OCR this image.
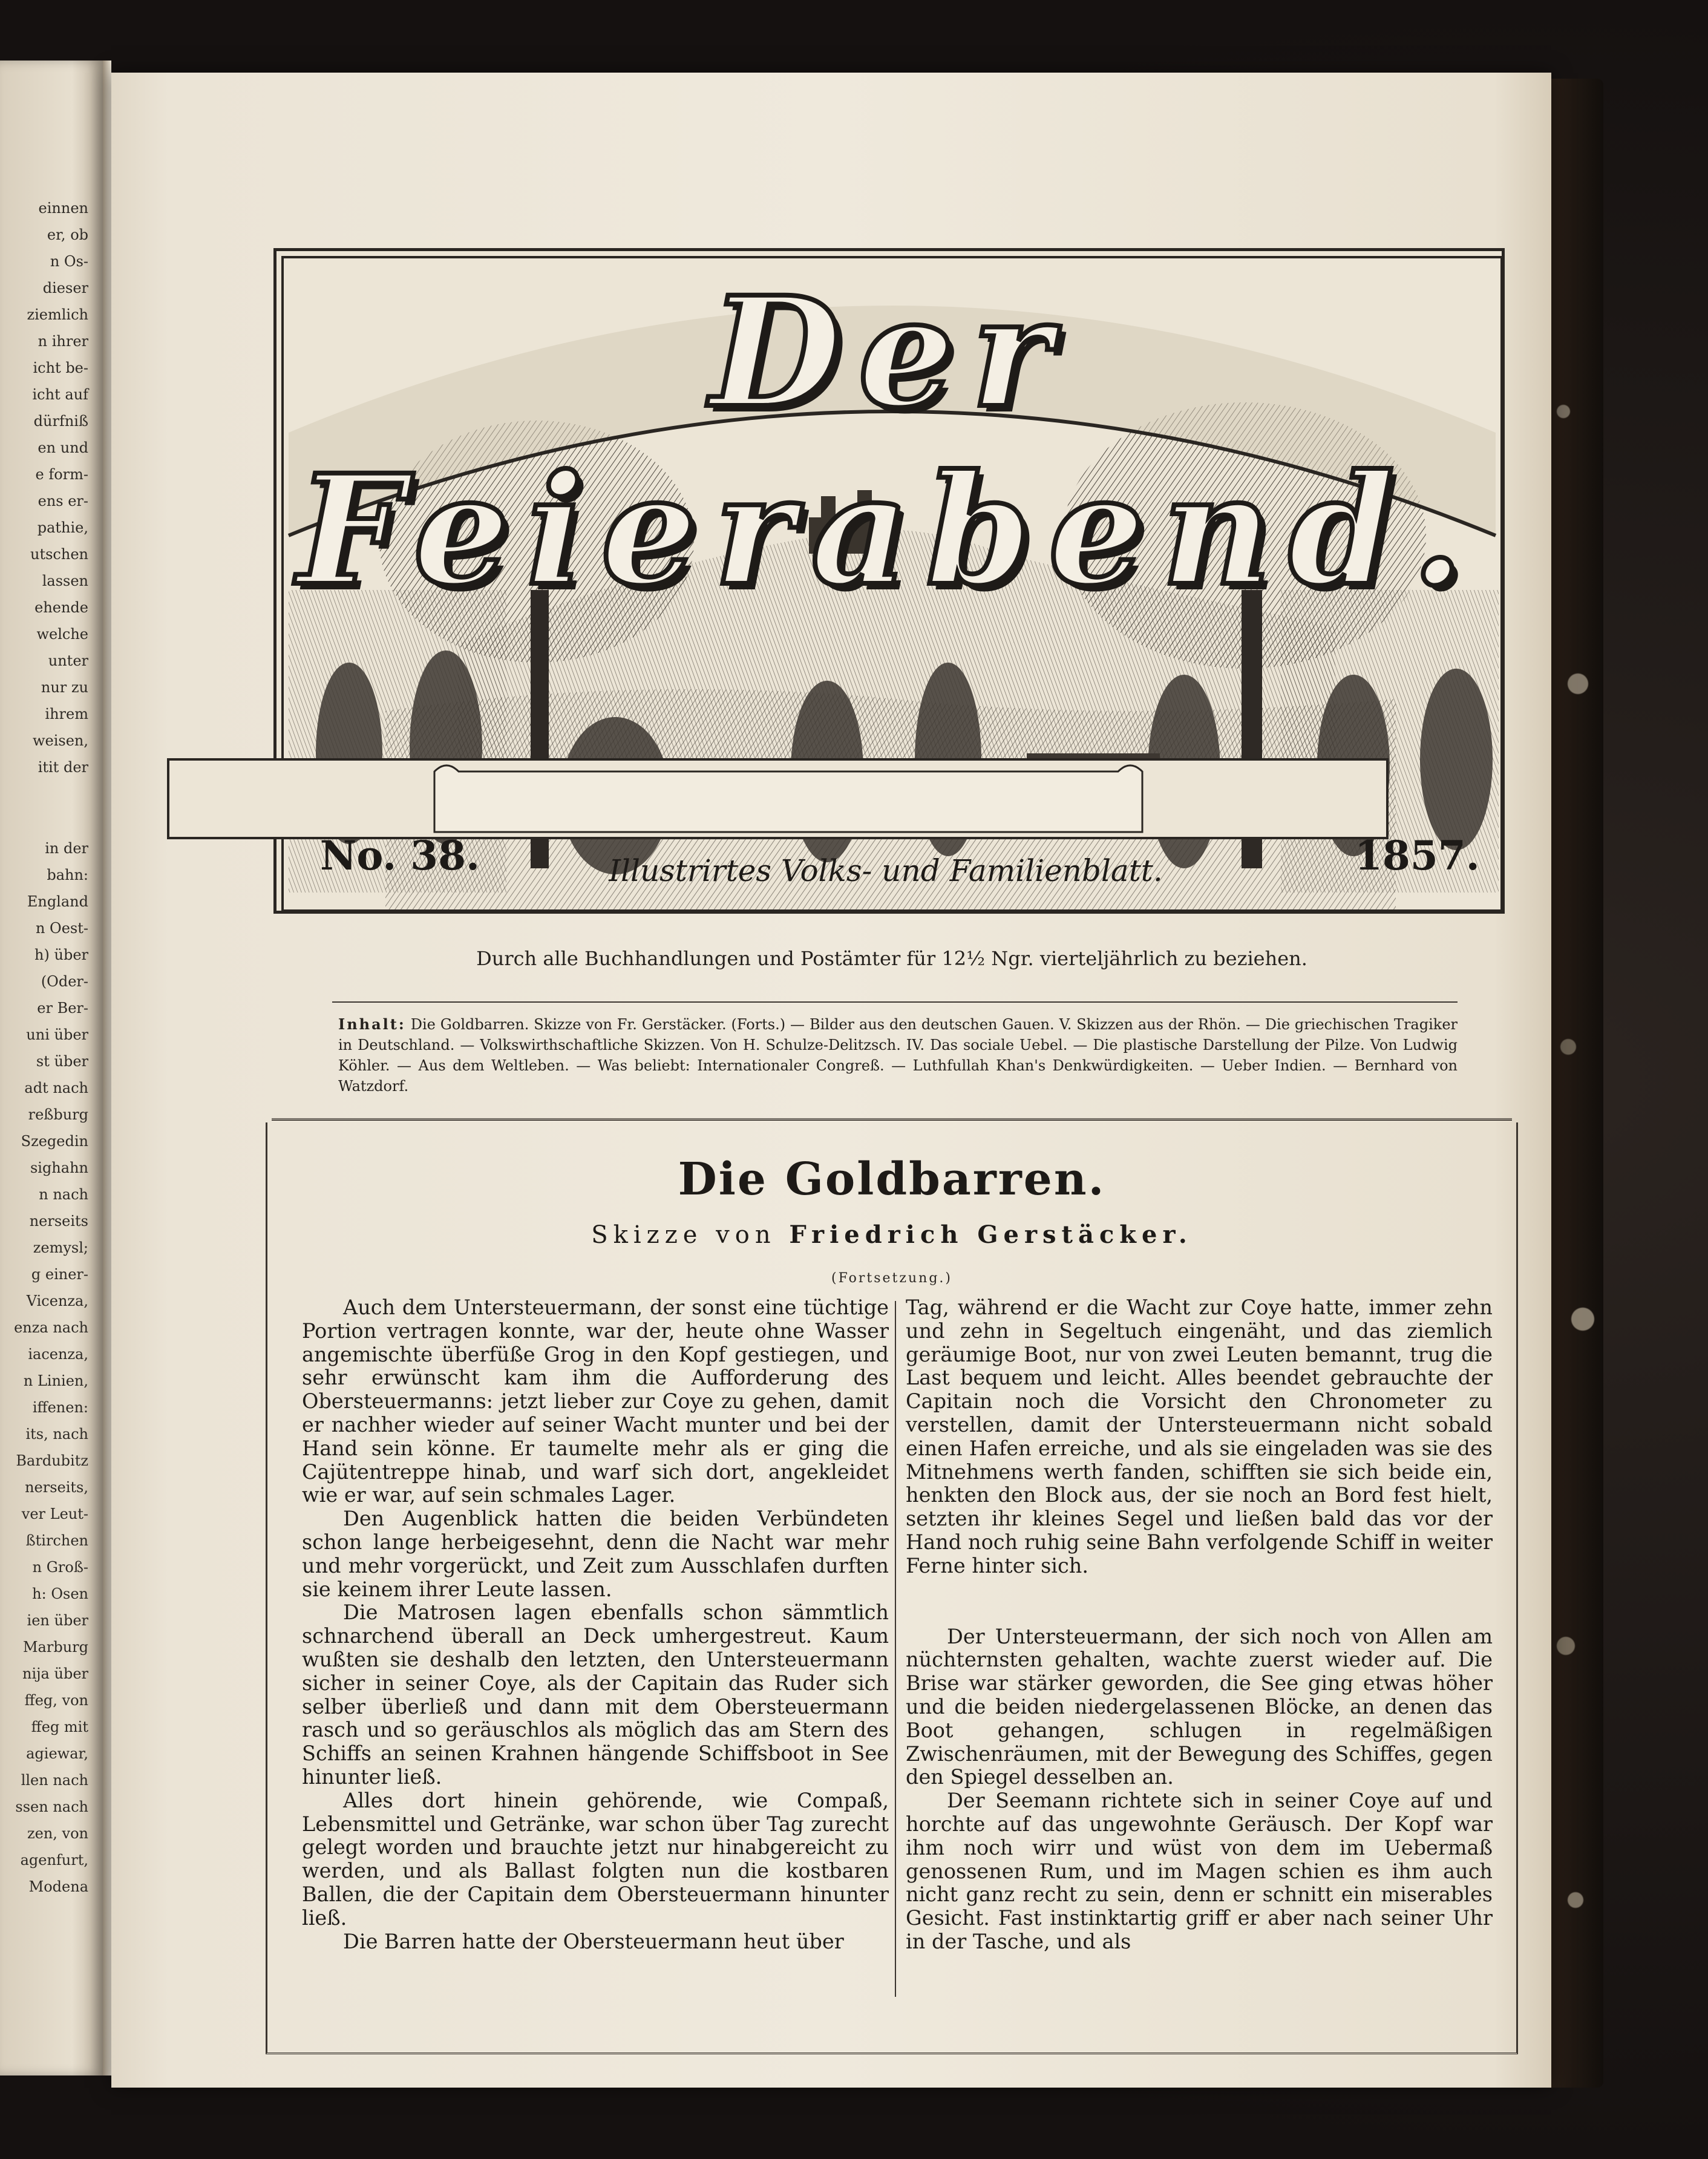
einnen
er, ob
n Os-
dieser
ziemlich
n ihrer
icht be-
icht auf
dürfniß
en und
e form-
ens er-
pathie,
utschen
lassen
ehende
welche
unter
nur zu
ihrem
weisen,
itit der
in der
bahn:
England
n Oest-
h) über
(Oder-
er Ber-
uni über
st über
adt nach
reßburg
Szegedin
sighahn
n nach
nerseits
zemysl;
g einer-
Vicenza,
enza nach
iacenza,
n Linien,
iffenen:
its, nach
Bardubitz
nerseits,
ver Leut-
ßtirchen
n Groß-
h: Osen
ien über
Marburg
nija über
ffeg, von
ffeg mit
agiewar,
llen nach
ssen nach
zen, von
agenfurt,
Modena
Der Feierabend.
No. 38.	Illustrirtes Volks- und Familienblatt.	1857.
Durch alle Buchhandlungen und Postämter für 12½ Ngr. vierteljährlich zu beziehen.
Inhalt: Die Goldbarren. Skizze von Fr. Gerstäcker. (Forts.) — Bilder aus den deutschen Gauen. V. Skizzen aus der Rhön. — Die griechischen Tragiker in Deutschland. — Volkswirthschaftliche Skizzen. Von H. Schulze-Delitzsch. IV. Das sociale Uebel. — Die plastische Darstellung der Pilze. Von Ludwig Köhler. — Aus dem Weltleben. — Was beliebt: Internationaler Congreß. — Luthfullah Khan's Denkwürdigkeiten. — Ueber Indien. — Bernhard von Watzdorf.
Die Goldbarren.
Skizze von Friedrich Gerstäcker.
(Fortsetzung.)

Auch dem Untersteuermann, der sonst eine tüchtige Portion vertragen konnte, war der, heute ohne Wasser angemischte überfüße Grog in den Kopf gestiegen, und sehr erwünscht kam ihm die Aufforderung des Obersteuermanns: jetzt lieber zur Coye zu gehen, damit er nachher wieder auf seiner Wacht munter und bei der Hand sein könne. Er taumelte mehr als er ging die Cajütentreppe hinab, und warf sich dort, angekleidet wie er war, auf sein schmales Lager.

Den Augenblick hatten die beiden Verbündeten schon lange herbeigesehnt, denn die Nacht war mehr und mehr vorgerückt, und Zeit zum Ausschlafen durften sie keinem ihrer Leute lassen.

Die Matrosen lagen ebenfalls schon sämmtlich schnarchend überall an Deck umhergestreut. Kaum wußten sie deshalb den letzten, den Untersteuermann sicher in seiner Coye, als der Capitain das Ruder sich selber überließ und dann mit dem Obersteuermann rasch und so geräuschlos als möglich das am Stern des Schiffs an seinen Krahnen hängende Schiffsboot in See hinunter ließ.

Alles dort hinein gehörende, wie Compaß, Lebensmittel und Getränke, war schon über Tag zurecht gelegt worden und brauchte jetzt nur hinabgereicht zu werden, und als Ballast folgten nun die kostbaren Ballen, die der Capitain dem Obersteuermann hinunter ließ.

Die Barren hatte der Obersteuermann heut über

Tag, während er die Wacht zur Coye hatte, immer zehn und zehn in Segeltuch eingenäht, und das ziemlich geräumige Boot, nur von zwei Leuten bemannt, trug die Last bequem und leicht. Alles beendet gebrauchte der Capitain noch die Vorsicht den Chronometer zu verstellen, damit der Untersteuermann nicht sobald einen Hafen erreiche, und als sie eingeladen was sie des Mitnehmens werth fanden, schifften sie sich beide ein, henkten den Block aus, der sie noch an Bord fest hielt, setzten ihr kleines Segel und ließen bald das vor der Hand noch ruhig seine Bahn verfolgende Schiff in weiter Ferne hinter sich.

Der Untersteuermann, der sich noch von Allen am nüchternsten gehalten, wachte zuerst wieder auf. Die Brise war stärker geworden, die See ging etwas höher und die beiden niedergelassenen Blöcke, an denen das Boot gehangen, schlugen in regelmäßigen Zwischenräumen, mit der Bewegung des Schiffes, gegen den Spiegel desselben an.

Der Seemann richtete sich in seiner Coye auf und horchte auf das ungewohnte Geräusch. Der Kopf war ihm noch wirr und wüst von dem im Uebermaß genossenen Rum, und im Magen schien es ihm auch nicht ganz recht zu sein, denn er schnitt ein miserables Gesicht. Fast instinktartig griff er aber nach seiner Uhr in der Tasche, und als
